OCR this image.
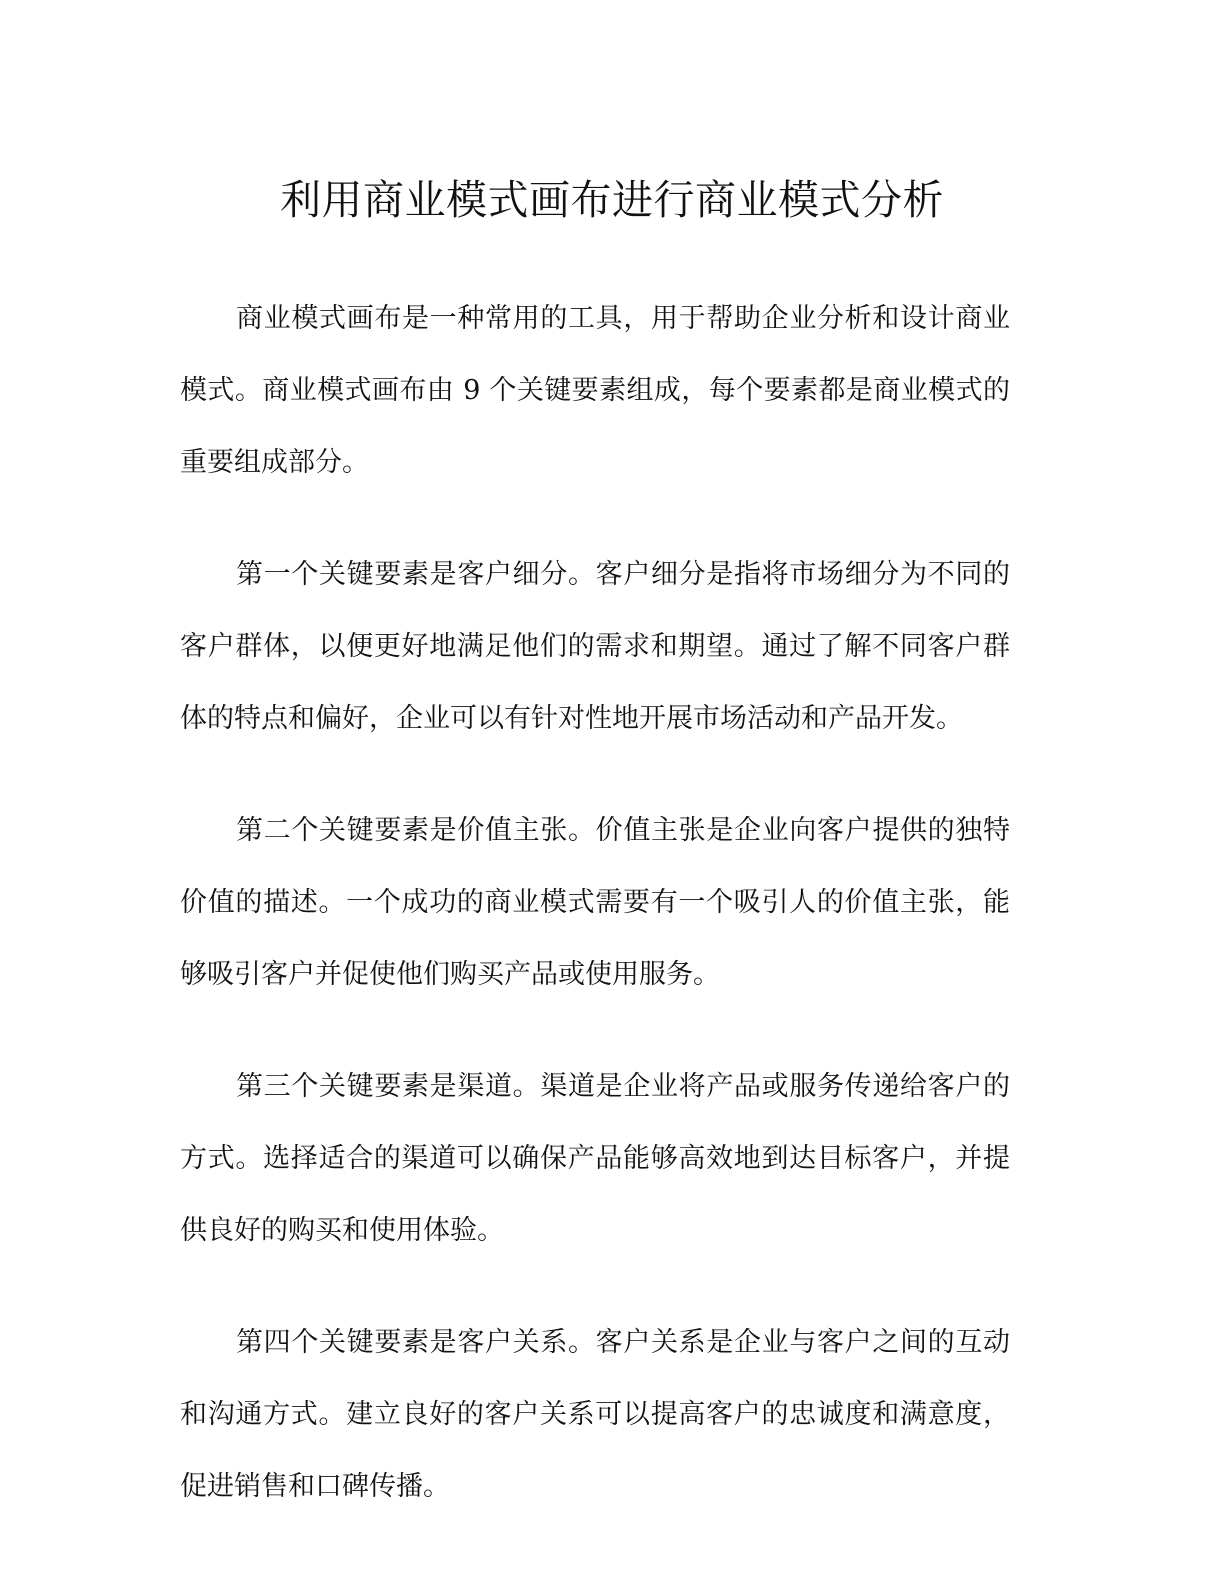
利用商业模式画布进行商业模式分析

商业模式画布是一种常用的工具，用于帮助企业分析和设计商业模式。商业模式画布由 9 个关键要素组成，每个要素都是商业模式的重要组成部分。

第一个关键要素是客户细分。客户细分是指将市场细分为不同的客户群体，以便更好地满足他们的需求和期望。通过了解不同客户群体的特点和偏好，企业可以有针对性地开展市场活动和产品开发。

第二个关键要素是价值主张。价值主张是企业向客户提供的独特价值的描述。一个成功的商业模式需要有一个吸引人的价值主张，能够吸引客户并促使他们购买产品或使用服务。

第三个关键要素是渠道。渠道是企业将产品或服务传递给客户的方式。选择适合的渠道可以确保产品能够高效地到达目标客户，并提供良好的购买和使用体验。

第四个关键要素是客户关系。客户关系是企业与客户之间的互动和沟通方式。建立良好的客户关系可以提高客户的忠诚度和满意度，促进销售和口碑传播。
